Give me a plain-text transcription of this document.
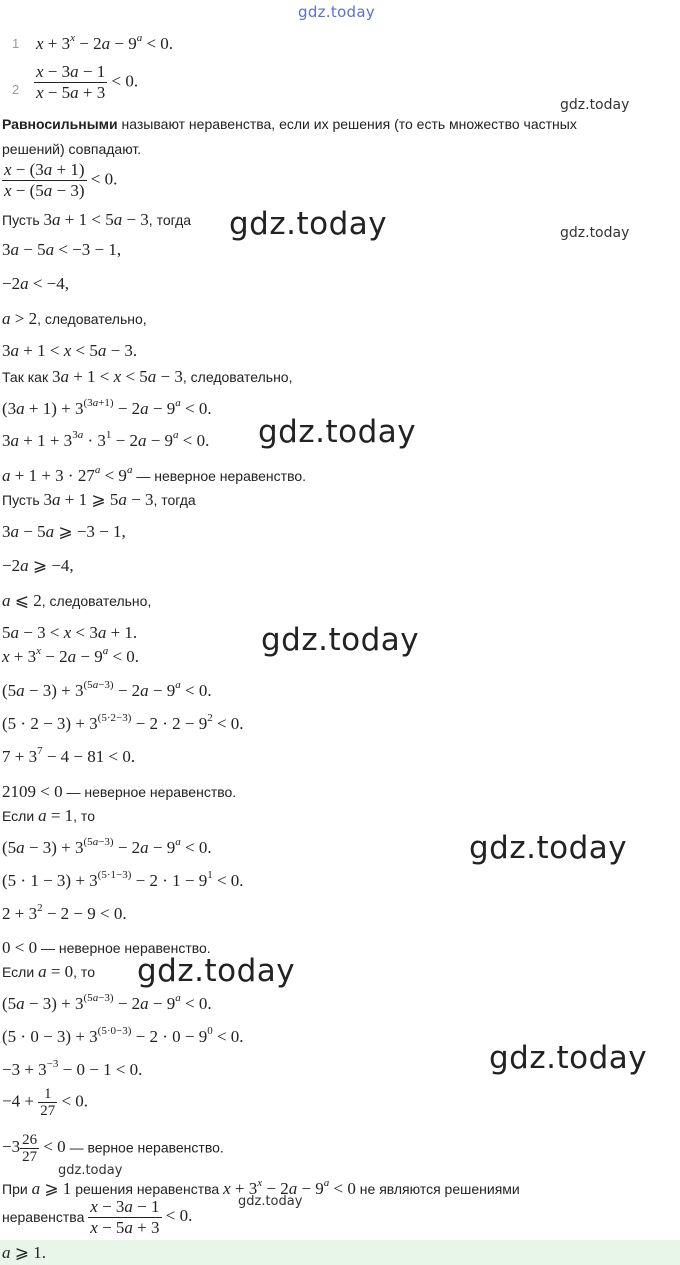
gdz.today
1 $x + 3^x - 2a - 9^a < 0$.
$2 \frac{x - 3a - 1}{x - 5a + 3} < 0$.
gdz.today
Равносильными называют неравенства, если их решения (то есть множество частных
решений) совпадают.
$\frac{x - (3a + 1)}{x - (5a - 3)} < 0$.
Пусть 3a + 1 < 5a − 3, тогда gdz.today	gdz.today
3a − 5a < −3 − 1,
−2a < −4,
a > 2, следовательно,
3a + 1 < x < 5a − 3.
Так как 3a + 1 < x < 5a − 3, следовательно,
$(3a + 1) + 3^{(3a+1)} - 2a - 9^a < 0$.
$3a + 1 + 3^{3a} \cdot 3^1 - 2a - 9^a < 0$. gdz.today
$a + 1 + 3 \cdot 27^a < 9^a$ — неверное неравенство.
Пусть 3a + 1 ⩾ 5a − 3, тогда
3a − 5a ⩾ −3 − 1,
−2a ⩾ −4,
a ⩽ 2, следовательно,
5a − 3 < x < 3a + 1.	gdz.today
$x + 3^x - 2a - 9^a < 0$.
$(5a - 3) + 3^{(5a-3)} - 2a - 9^a < 0$.
$(5 \cdot 2 - 3) + 3^{(5\cdot 2-3)} - 2 \cdot 2 - 9^2 < 0$.
$7 + 3^7 - 4 - 81 < 0$.
2109 < 0 — неверное неравенство.
Если a = 1, то
gdz.today
$(5a - 3) + 3^{(5a-3)} - 2a - 9^a < 0$.
$(5 \cdot 1 - 3) + 3^{(5\cdot 1-3)} - 2 \cdot 1 - 9^1 < 0$.
$2 + 3^2 - 2 - 9 < 0$.
0 < 0 — неверное неравенство.
Если a = 0, то gdz.today
$(5a - 3) + 3^{(5a-3)} - 2a - 9^a < 0$.
$(5 \cdot 0 - 3) + 3^{(5\cdot 0-3)} - 2 \cdot 0 - 9^0 < 0$.
gdz.today
$-3 + 3^{-3} - 0 - 1 < 0$.
$-4 + \frac{1}{27} < 0$.
$-3 \frac{26}{27} < 0$ — верное неравенство.
gdz.today
При a ⩾ 1 решения неравенства $x + 3^x - 2a - 9^a < 0$ не являются решениями
gdz.today
неравенства $\frac{x - 3a - 1}{x - 5a + 3} < 0$.
a ⩾ 1.
